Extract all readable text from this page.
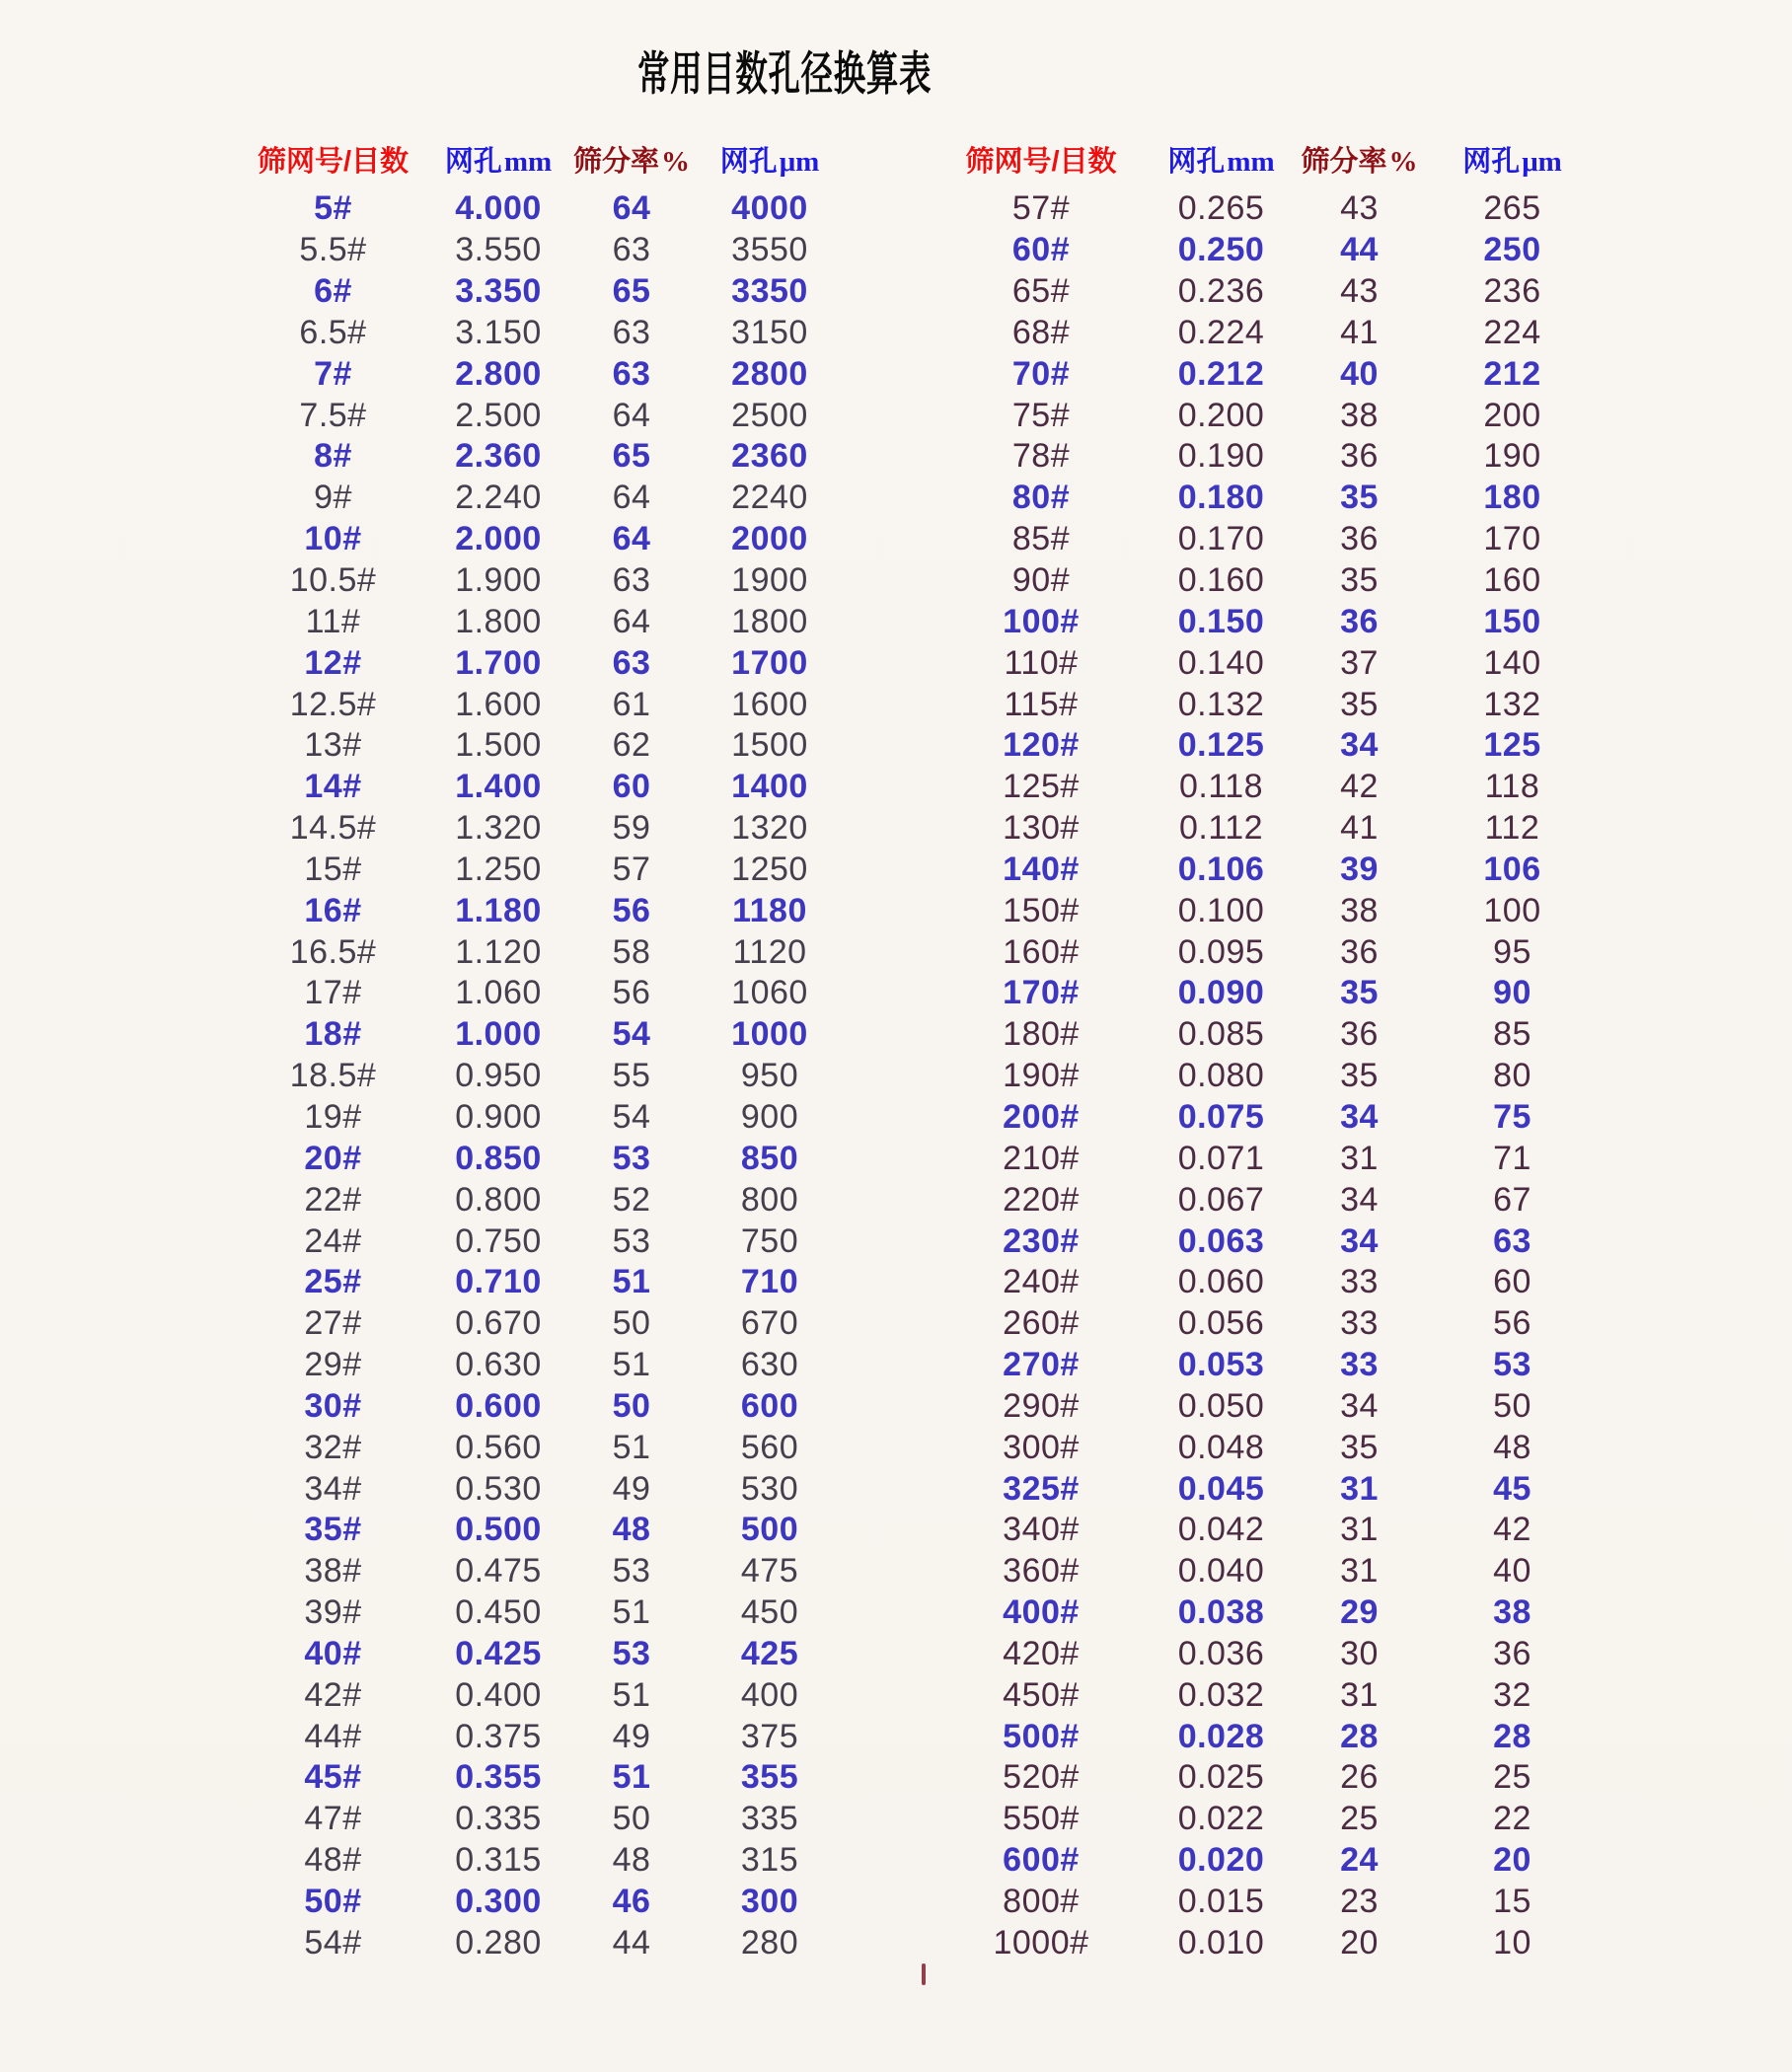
常用目数孔径换算表
筛网号/目数 网孔 mm 筛分率 % 网孔 μm
5#	4.000	64	4000
5.5#	3.550	63	3550
6#	3.350	65	3350
6.5#	3.150	63	3150
7#	2.800	63	2800
7.5#	2.500	64	2500
8#	2.360	65	2360
9#	2.240	64	2240
10#	2.000	64	2000
10.5#	1.900	63	1900
11#	1.800	64	1800
12#	1.700	63	1700
12.5#	1.600	61	1600
13#	1.500	62	1500
14#	1.400	60	1400
14.5#	1.320	59	1320
15#	1.250	57	1250
16#	1.180	56	1180
16.5#	1.120	58	1120
17#	1.060	56	1060
18#	1.000	54	1000
18.5#	0.950	55	950
19#	0.900	54	900
20#	0.850	53	850
22#	0.800	52	800
24#	0.750	53	750
25#	0.710	51	710
27#	0.670	50	670
29#	0.630	51	630
30#	0.600	50	600
32#	0.560	51	560
34#	0.530	49	530
35#	0.500	48	500
38#	0.475	53	475
39#	0.450	51	450
40#	0.425	53	425
42#	0.400	51	400
44#	0.375	49	375
45#	0.355	51	355
47#	0.335	50	335
48#	0.315	48	315
50#	0.300	46	300
54#	0.280	44	280
筛网号/目数 网孔 mm 筛分率 % 网孔 μm
57#	0.265	43	265
60#	0.250	44	250
65#	0.236	43	236
68#	0.224	41	224
70#	0.212	40	212
75#	0.200	38	200
78#	0.190	36	190
80#	0.180	35	180
85#	0.170	36	170
90#	0.160	35	160
100#	0.150	36	150
110#	0.140	37	140
115#	0.132	35	132
120#	0.125	34	125
125#	0.118	42	118
130#	0.112	41	112
140#	0.106	39	106
150#	0.100	38	100
160#	0.095	36	95
170#	0.090	35	90
180#	0.085	36	85
190#	0.080	35	80
200#	0.075	34	75
210#	0.071	31	71
220#	0.067	34	67
230#	0.063	34	63
240#	0.060	33	60
260#	0.056	33	56
270#	0.053	33	53
290#	0.050	34	50
300#	0.048	35	48
325#	0.045	31	45
340#	0.042	31	42
360#	0.040	31	40
400#	0.038	29	38
420#	0.036	30	36
450#	0.032	31	32
500#	0.028	28	28
520#	0.025	26	25
550#	0.022	25	22
600#	0.020	24	20
800#	0.015	23	15
1000#	0.010	20	10
